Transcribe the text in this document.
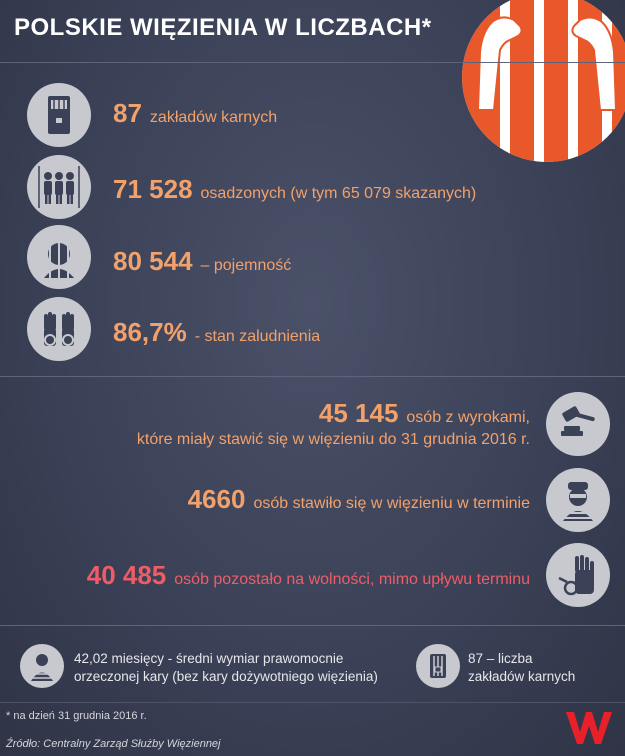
POLSKIE WIĘZIENIA W LICZBACH*
87 zakładów karnych
71 528 osadzonych (w tym 65 079 skazanych)
80 544 – pojemność
86,7% - stan zaludnienia
45 145 osób z wyrokami,
które miały stawić się w więzieniu do 31 grudnia 2016 r.
4660 osób stawiło się w więzieniu w terminie
40 485 osób pozostało na wolności, mimo upływu terminu
42,02 miesięcy - średni wymiar prawomocnie
orzeczonej kary (bez kary dożywotniego więzienia)
87 – liczba
zakładów karnych
* na dzień 31 grudnia 2016 r.
Źródło: Centralny Zarząd Służby Więziennej
